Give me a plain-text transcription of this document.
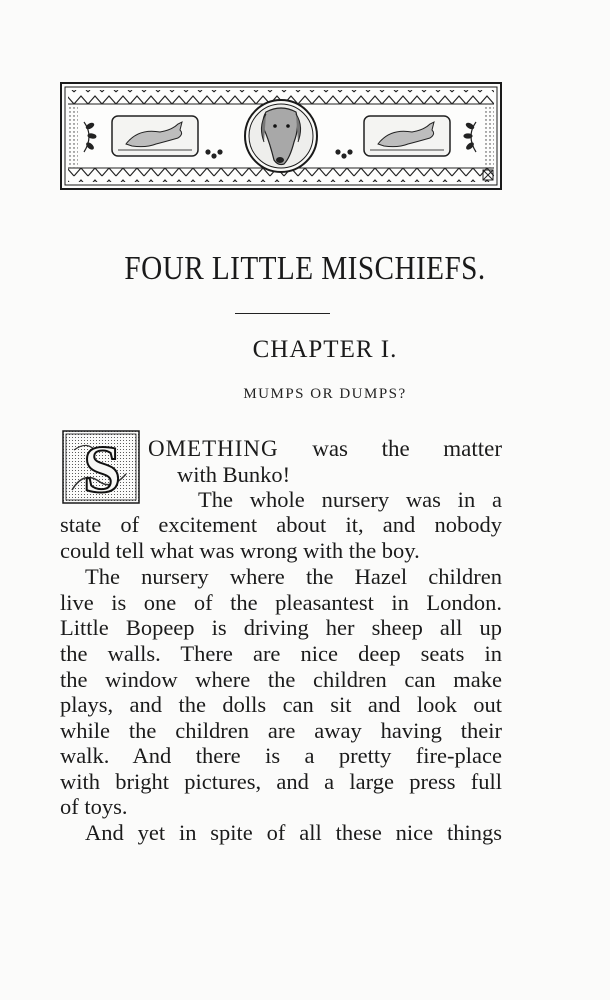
FOUR LITTLE MISCHIEFS.
CHAPTER I.
MUMPS OR DUMPS?
S OMETHING was the matter
with Bunko!
The whole nursery was in a
state of excitement about it, and nobody
could tell what was wrong with the boy.
The nursery where the Hazel children
live is one of the pleasantest in London.
Little Bopeep is driving her sheep all up
the walls. There are nice deep seats in
the window where the children can make
plays, and the dolls can sit and look out
while the children are away having their
walk. And there is a pretty fire-place
with bright pictures, and a large press full
of toys.
And yet in spite of all these nice things
